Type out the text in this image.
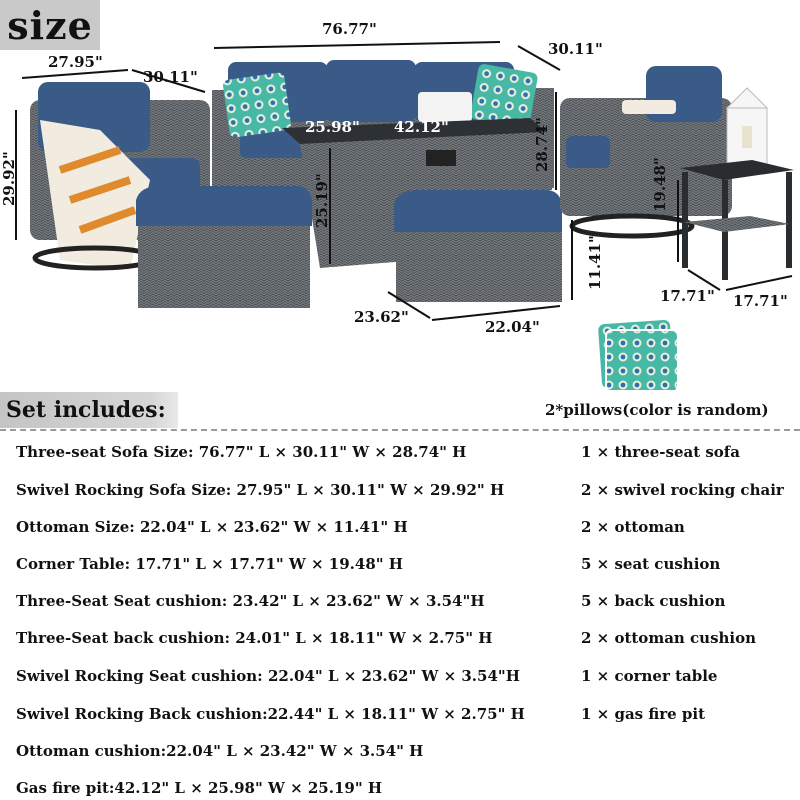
size	76.77"
30.11"
28.74"
27.95"
30.11"
29.92"
25.98" 42.12"
25.19"
23.62"
22.04"
11.41"
19.48"
17.71" 17.71"
2*pillows(color is random)
Set includes:
Three-seat Sofa Size: 76.77" L × 30.11" W × 28.74" H
Swivel Rocking Sofa Size: 27.95" L × 30.11" W × 29.92" H
Ottoman Size: 22.04" L × 23.62" W × 11.41" H
Corner Table: 17.71" L × 17.71" W × 19.48" H
Three-Seat Seat cushion: 23.42" L × 23.62" W × 3.54"H
Three-Seat back cushion: 24.01" L × 18.11" W × 2.75" H
Swivel Rocking Seat cushion: 22.04" L × 23.62" W × 3.54"H
Swivel Rocking Back cushion:22.44" L × 18.11" W × 2.75" H
Ottoman cushion:22.04" L × 23.42" W × 3.54" H
Gas fire pit:42.12" L × 25.98" W × 25.19" H
1 × three-seat sofa
2 × swivel rocking chair
2 × ottoman
5 × seat cushion
5 × back cushion
2 × ottoman cushion
1 × corner table
1 × gas fire pit
